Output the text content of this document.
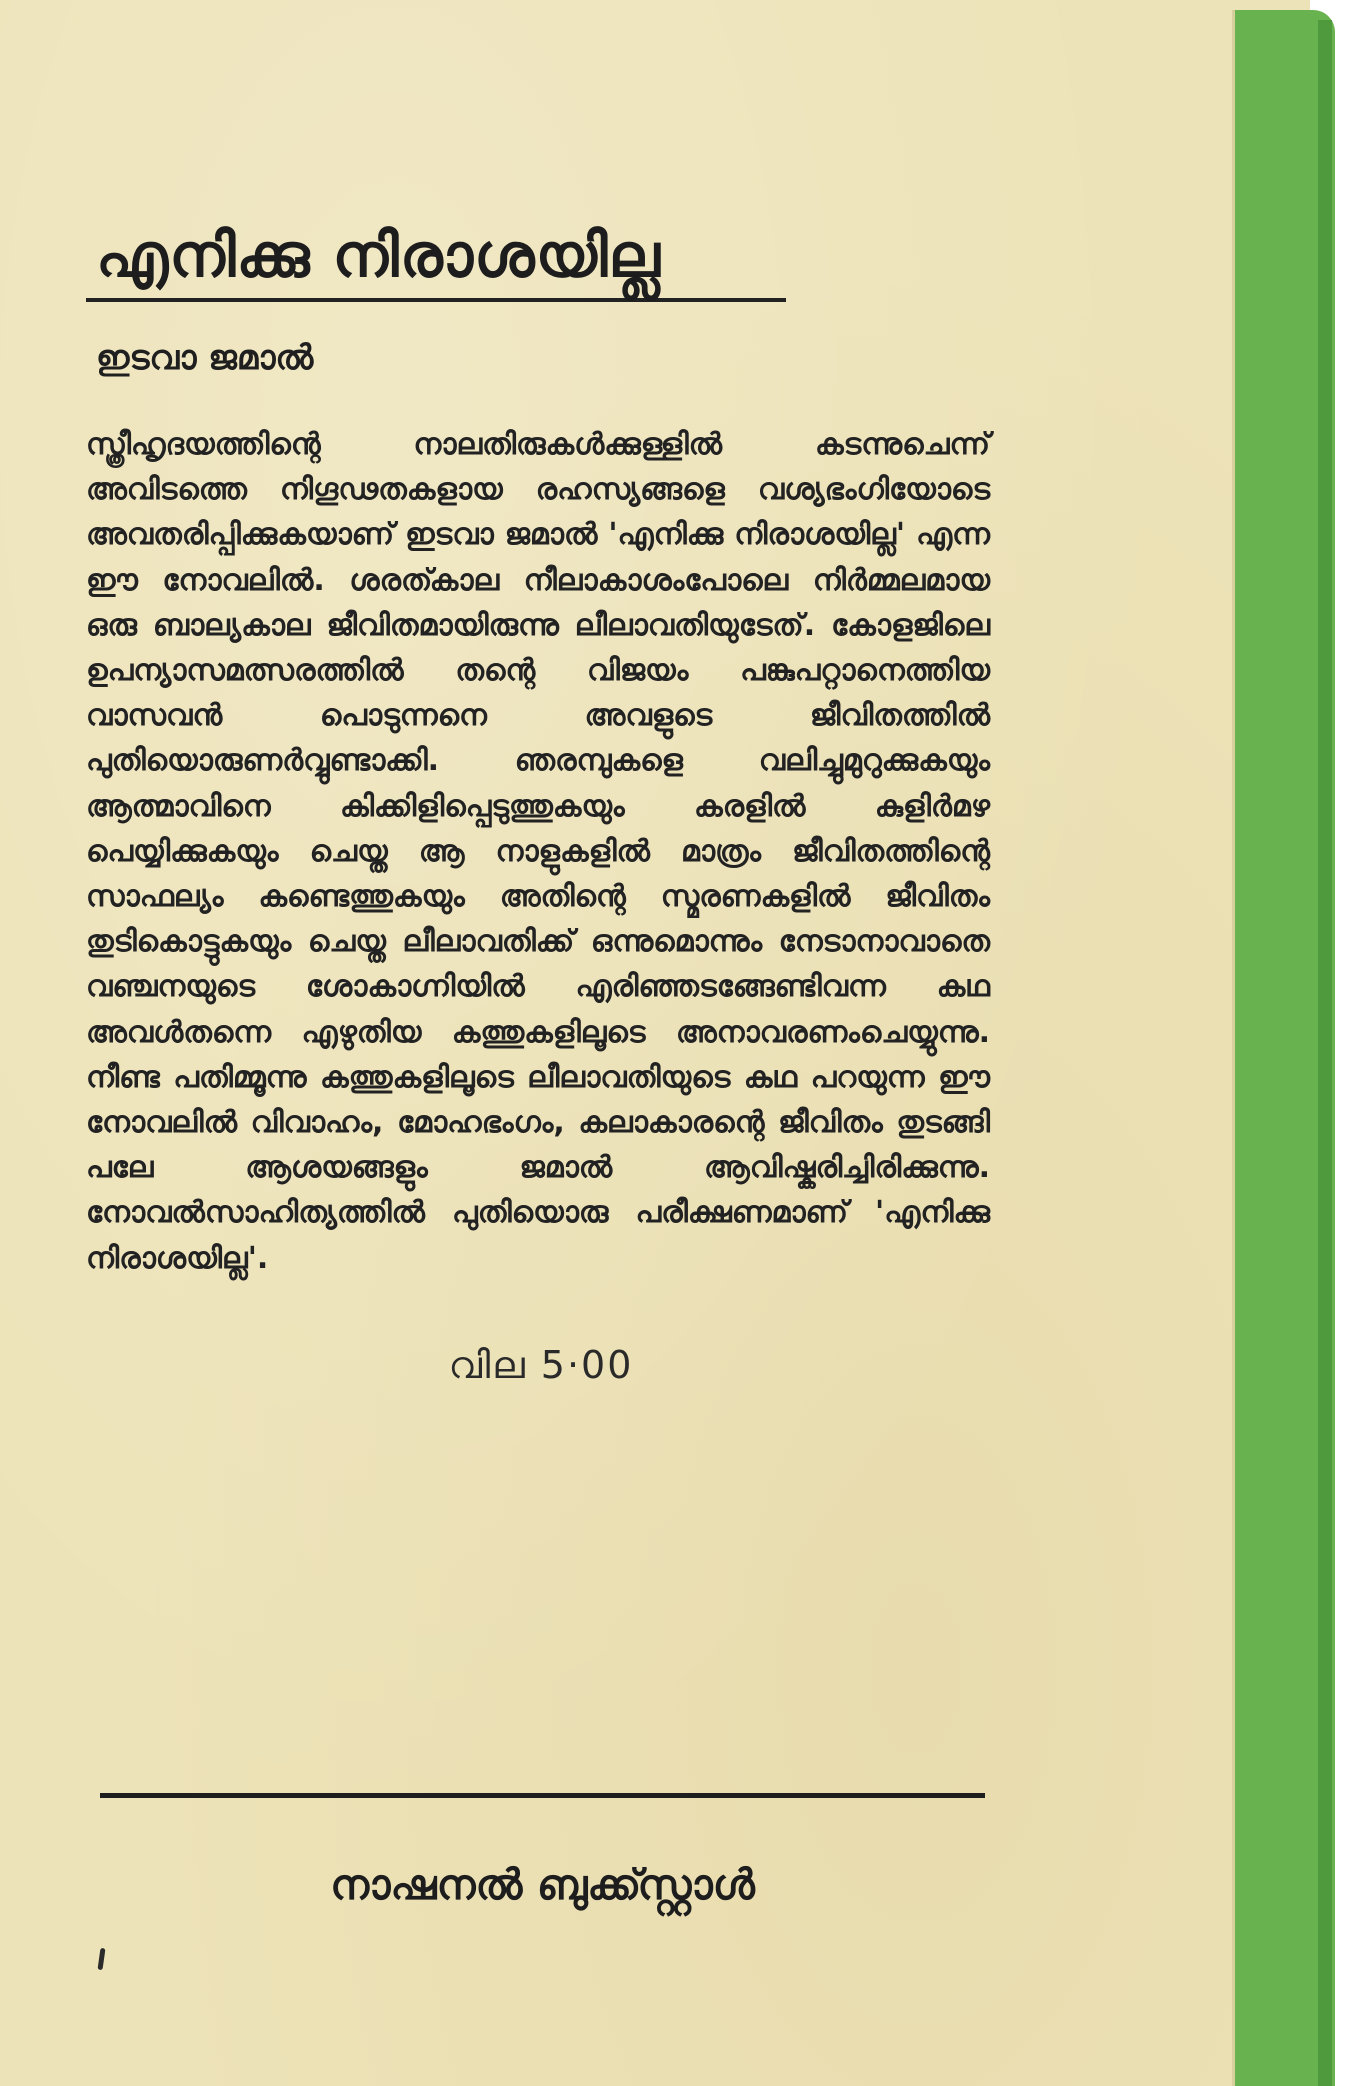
എനിക്കു നിരാശയില്ല
ഇടവാ ജമാൽ

സ്ത്രീഹൃദയത്തിന്റെ നാലതിരുകൾക്കുള്ളിൽ കടന്നുചെന്ന് അവിടത്തെ നിഗൂഢതകളായ രഹസ്യങ്ങളെ വശ്യഭംഗിയോടെ അവതരിപ്പിക്കുകയാണ് ഇടവാ ജമാൽ 'എനിക്കു നിരാശയില്ല' എന്ന ഈ നോവലിൽ. ശരത്കാല നീലാകാശംപോലെ നിർമ്മലമായ ഒരു ബാല്യകാല ജീവിതമായിരുന്നു ലീലാവതിയുടേത്. കോളജിലെ ഉപന്യാസമത്സരത്തിൽ തന്റെ വിജയം പങ്കുപറ്റാനെത്തിയ വാസവൻ പൊടുന്നനെ അവളുടെ ജീവിതത്തിൽ പുതിയൊരുണർവ്വുണ്ടാക്കി. ഞരമ്പുകളെ വലിച്ചുമുറുക്കുകയും ആത്മാവിനെ കിക്കിളിപ്പെടുത്തുകയും കരളിൽ കുളിർമഴ പെയ്യിക്കുകയും ചെയ്ത ആ നാളുകളിൽ മാത്രം ജീവിതത്തിന്റെ സാഫല്യം കണ്ടെത്തുകയും അതിന്റെ സ്മരണകളിൽ ജീവിതം തുടികൊട്ടുകയും ചെയ്ത ലീലാവതിക്ക് ഒന്നുമൊന്നും നേടാനാവാതെ വഞ്ചനയുടെ ശോകാഗ്നിയിൽ എരിഞ്ഞടങ്ങേണ്ടിവന്ന കഥ അവൾതന്നെ എഴുതിയ കത്തുകളിലൂടെ അനാവരണംചെയ്യുന്നു. നീണ്ട പതിമ്മൂന്നു കത്തുകളിലൂടെ ലീലാവതിയുടെ കഥ പറയുന്ന ഈ നോവലിൽ വിവാഹം, മോഹഭംഗം, കലാകാരന്റെ ജീവിതം തുടങ്ങി പലേ ആശയങ്ങളും ജമാൽ ആവിഷ്കരിച്ചിരിക്കുന്നു. നോവൽസാഹിത്യത്തിൽ പുതിയൊരു പരീക്ഷണമാണ് 'എനിക്കു നിരാശയില്ല'.

വില 5·00
നാഷനൽ ബുക്ക്സ്റ്റാൾ
